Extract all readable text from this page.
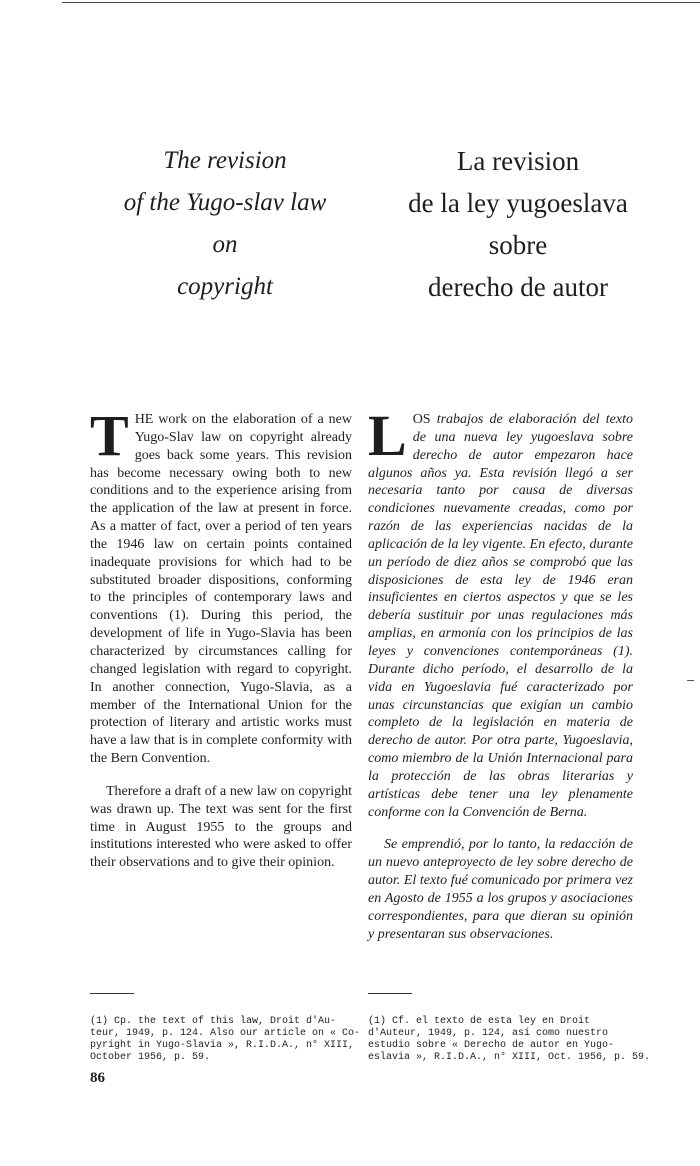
The revision
of the Yugo-slav law
on
copyright
La revision
de la ley yugoeslava
sobre
derecho de autor

THE work on the elaboration of a new Yugo-Slav law on copyright already goes back some years. This revision has become necessary owing both to new conditions and to the experience arising from the application of the law at present in force. As a matter of fact, over a period of ten years the 1946 law on certain points contained inadequate provisions for which had to be substituted broader dispositions, conforming to the principles of contemporary laws and conventions (1). During this period, the development of life in Yugo-Slavia has been characterized by circumstances calling for changed legislation with regard to copyright. In another connection, Yugo-Slavia, as a member of the International Union for the protection of literary and artistic works must have a law that is in complete conformity with the Bern Convention.

Therefore a draft of a new law on copyright was drawn up. The text was sent for the first time in August 1955 to the groups and institutions interested who were asked to offer their observations and to give their opinion.

LOS trabajos de elaboración del texto de una nueva ley yugoeslava sobre derecho de autor empezaron hace algunos años ya. Esta revisión llegó a ser necesaria tanto por causa de diversas condiciones nuevamente creadas, como por razón de las experiencias nacidas de la aplicación de la ley vigente. En efecto, durante un período de diez años se comprobó que las disposiciones de esta ley de 1946 eran insuficientes en ciertos aspectos y que se les debería sustituir por unas regulaciones más amplias, en armonía con los principios de las leyes y convenciones contemporáneas (1). Durante dicho período, el desarrollo de la vida en Yugoeslavia fué caracterizado por unas circunstancias que exigían un cambio completo de la legislación en materia de derecho de autor. Por otra parte, Yugoeslavia, como miembro de la Unión Internacional para la protección de las obras literarias y artísticas debe tener una ley plenamente conforme con la Convención de Berna.

Se emprendió, por lo tanto, la redacción de un nuevo anteproyecto de ley sobre derecho de autor. El texto fué comunicado por primera vez en Agosto de 1955 a los grupos y asociaciones correspondientes, para que dieran su opinión y presentaran sus observaciones.

(1) Cp. the text of this law, Droit d'Au-
teur, 1949, p. 124. Also our article on « Co-
pyright in Yugo-Slavia », R.I.D.A., n° XIII,
October 1956, p. 59.
(1) Cf. el texto de esta ley en Droit
d'Auteur, 1949, p. 124, así como nuestro
estudio sobre « Derecho de autor en Yugo-
eslavia », R.I.D.A., n° XIII, Oct. 1956, p. 59.
86
